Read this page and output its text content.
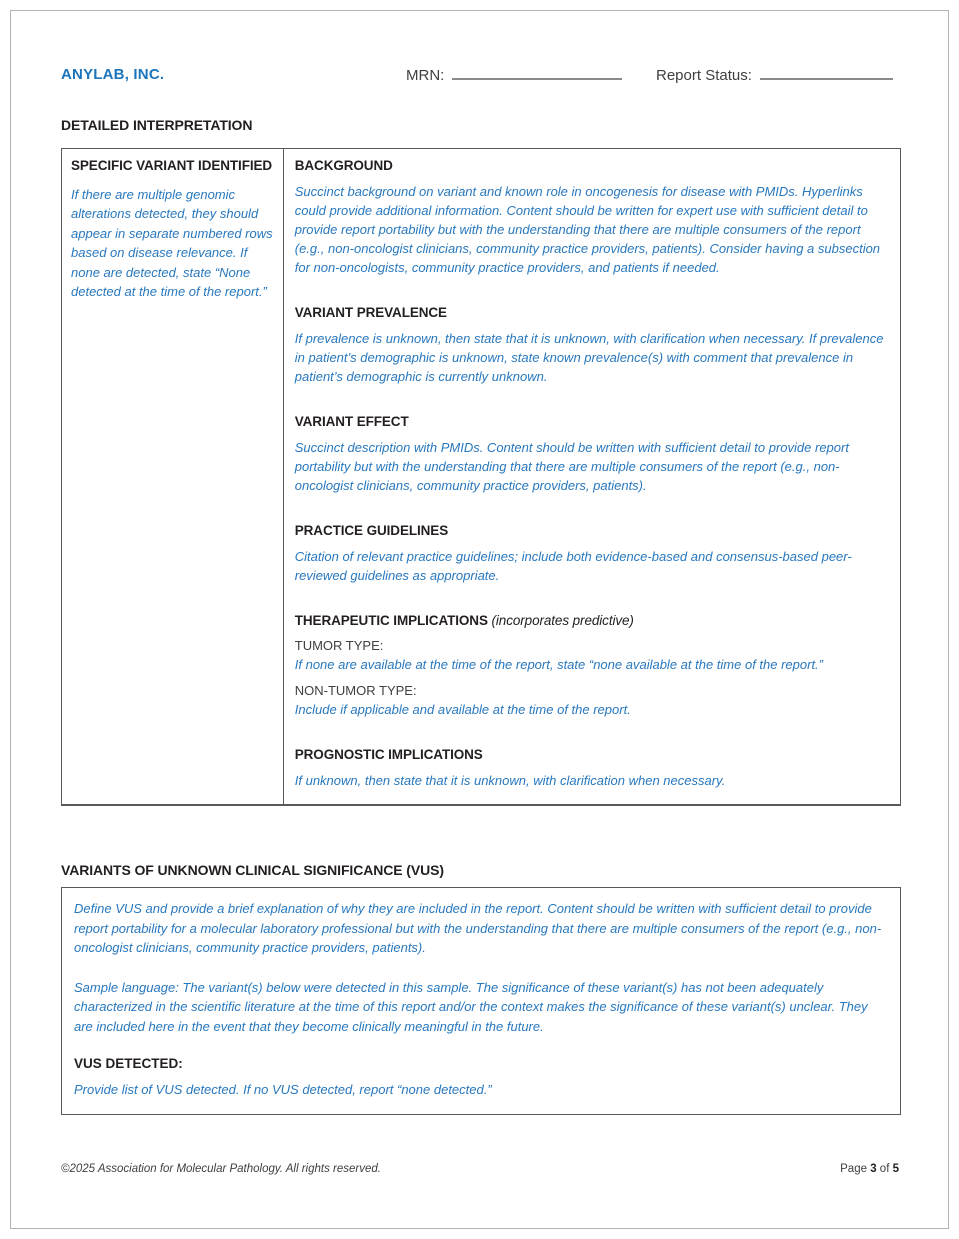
ANYLAB, INC.	MRN:	Report Status:
DETAILED INTERPRETATION
SPECIFIC VARIANT IDENTIFIED
If there are multiple genomic alterations detected, they should appear in separate numbered rows based on disease relevance. If none are detected, state “None detected at the time of the report.”
BACKGROUND
Succinct background on variant and known role in oncogenesis for disease with PMIDs. Hyperlinks could provide additional information. Content should be written for expert use with sufficient detail to provide report portability but with the understanding that there are multiple consumers of the report (e.g., non-oncologist clinicians, community practice providers, patients). Consider having a subsection for non-oncologists, community practice providers, and patients if needed.
VARIANT PREVALENCE
If prevalence is unknown, then state that it is unknown, with clarification when necessary. If prevalence in patient’s demographic is unknown, state known prevalence(s) with comment that prevalence in patient’s demographic is currently unknown.
VARIANT EFFECT
Succinct description with PMIDs. Content should be written with sufficient detail to provide report portability but with the understanding that there are multiple consumers of the report (e.g., non-oncologist clinicians, community practice providers, patients).
PRACTICE GUIDELINES
Citation of relevant practice guidelines; include both evidence-based and consensus-based peer-reviewed guidelines as appropriate.
THERAPEUTIC IMPLICATIONS (incorporates predictive)
TUMOR TYPE:
If none are available at the time of the report, state “none available at the time of the report.”
NON-TUMOR TYPE:
Include if applicable and available at the time of the report.
PROGNOSTIC IMPLICATIONS
If unknown, then state that it is unknown, with clarification when necessary.
VARIANTS OF UNKNOWN CLINICAL SIGNIFICANCE (VUS)
Define VUS and provide a brief explanation of why they are included in the report. Content should be written with sufficient detail to provide report portability for a molecular laboratory professional but with the understanding that there are multiple consumers of the report (e.g., non-oncologist clinicians, community practice providers, patients).
Sample language: The variant(s) below were detected in this sample. The significance of these variant(s) has not been adequately characterized in the scientific literature at the time of this report and/or the context makes the significance of these variant(s) unclear. They are included here in the event that they become clinically meaningful in the future.
VUS DETECTED:
Provide list of VUS detected. If no VUS detected, report “none detected.”
©2025 Association for Molecular Pathology. All rights reserved.	Page 3 of 5
